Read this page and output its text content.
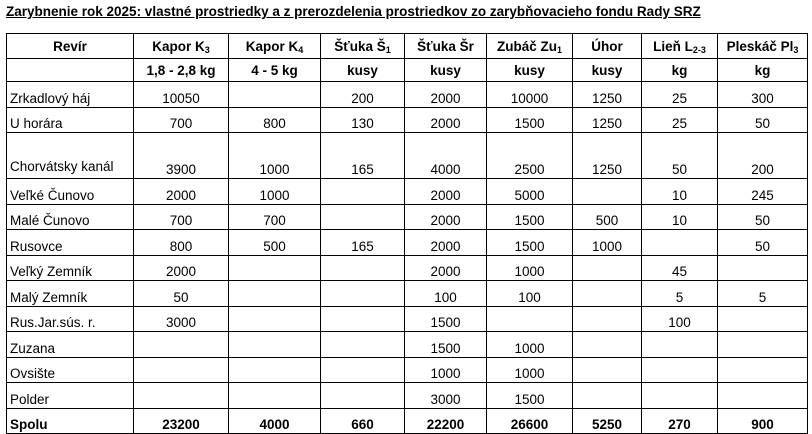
Zarybnenie rok 2025: vlastné prostriedky a z prerozdelenia prostriedkov zo zarybňovacieho fondu Rady SRZ
Revír	Kapor $K_3$	Kapor $K_4$	Šťuka $Š_1$	Šťuka Šr	Zubáč $Zu_1$	Úhor	Lieň $L_{2-3}$	Pleskáč $Pl_3$
	1,8 - 2,8 kg	4 - 5 kg	kusy	kusy	kusy	kusy	kg	kg
Zrkadlový háj	10050		200	2000	10000	1250	25	300
U horára	700	800	130	2000	1500	1250	25	50
Chorvátsky kanál	3900	1000	165	4000	2500	1250	50	200
Veľké Čunovo	2000	1000		2000	5000		10	245
Malé Čunovo	700	700		2000	1500	500	10	50
Rusovce	800	500	165	2000	1500	1000		50
Veľký Zemník	2000			2000	1000		45	
Malý Zemník	50			100	100		5	5
Rus.Jar.sús. r.	3000			1500			100	
Zuzana				1500	1000			
Ovsište				1000	1000			
Polder				3000	1500			
Spolu	23200	4000	660	22200	26600	5250	270	900
